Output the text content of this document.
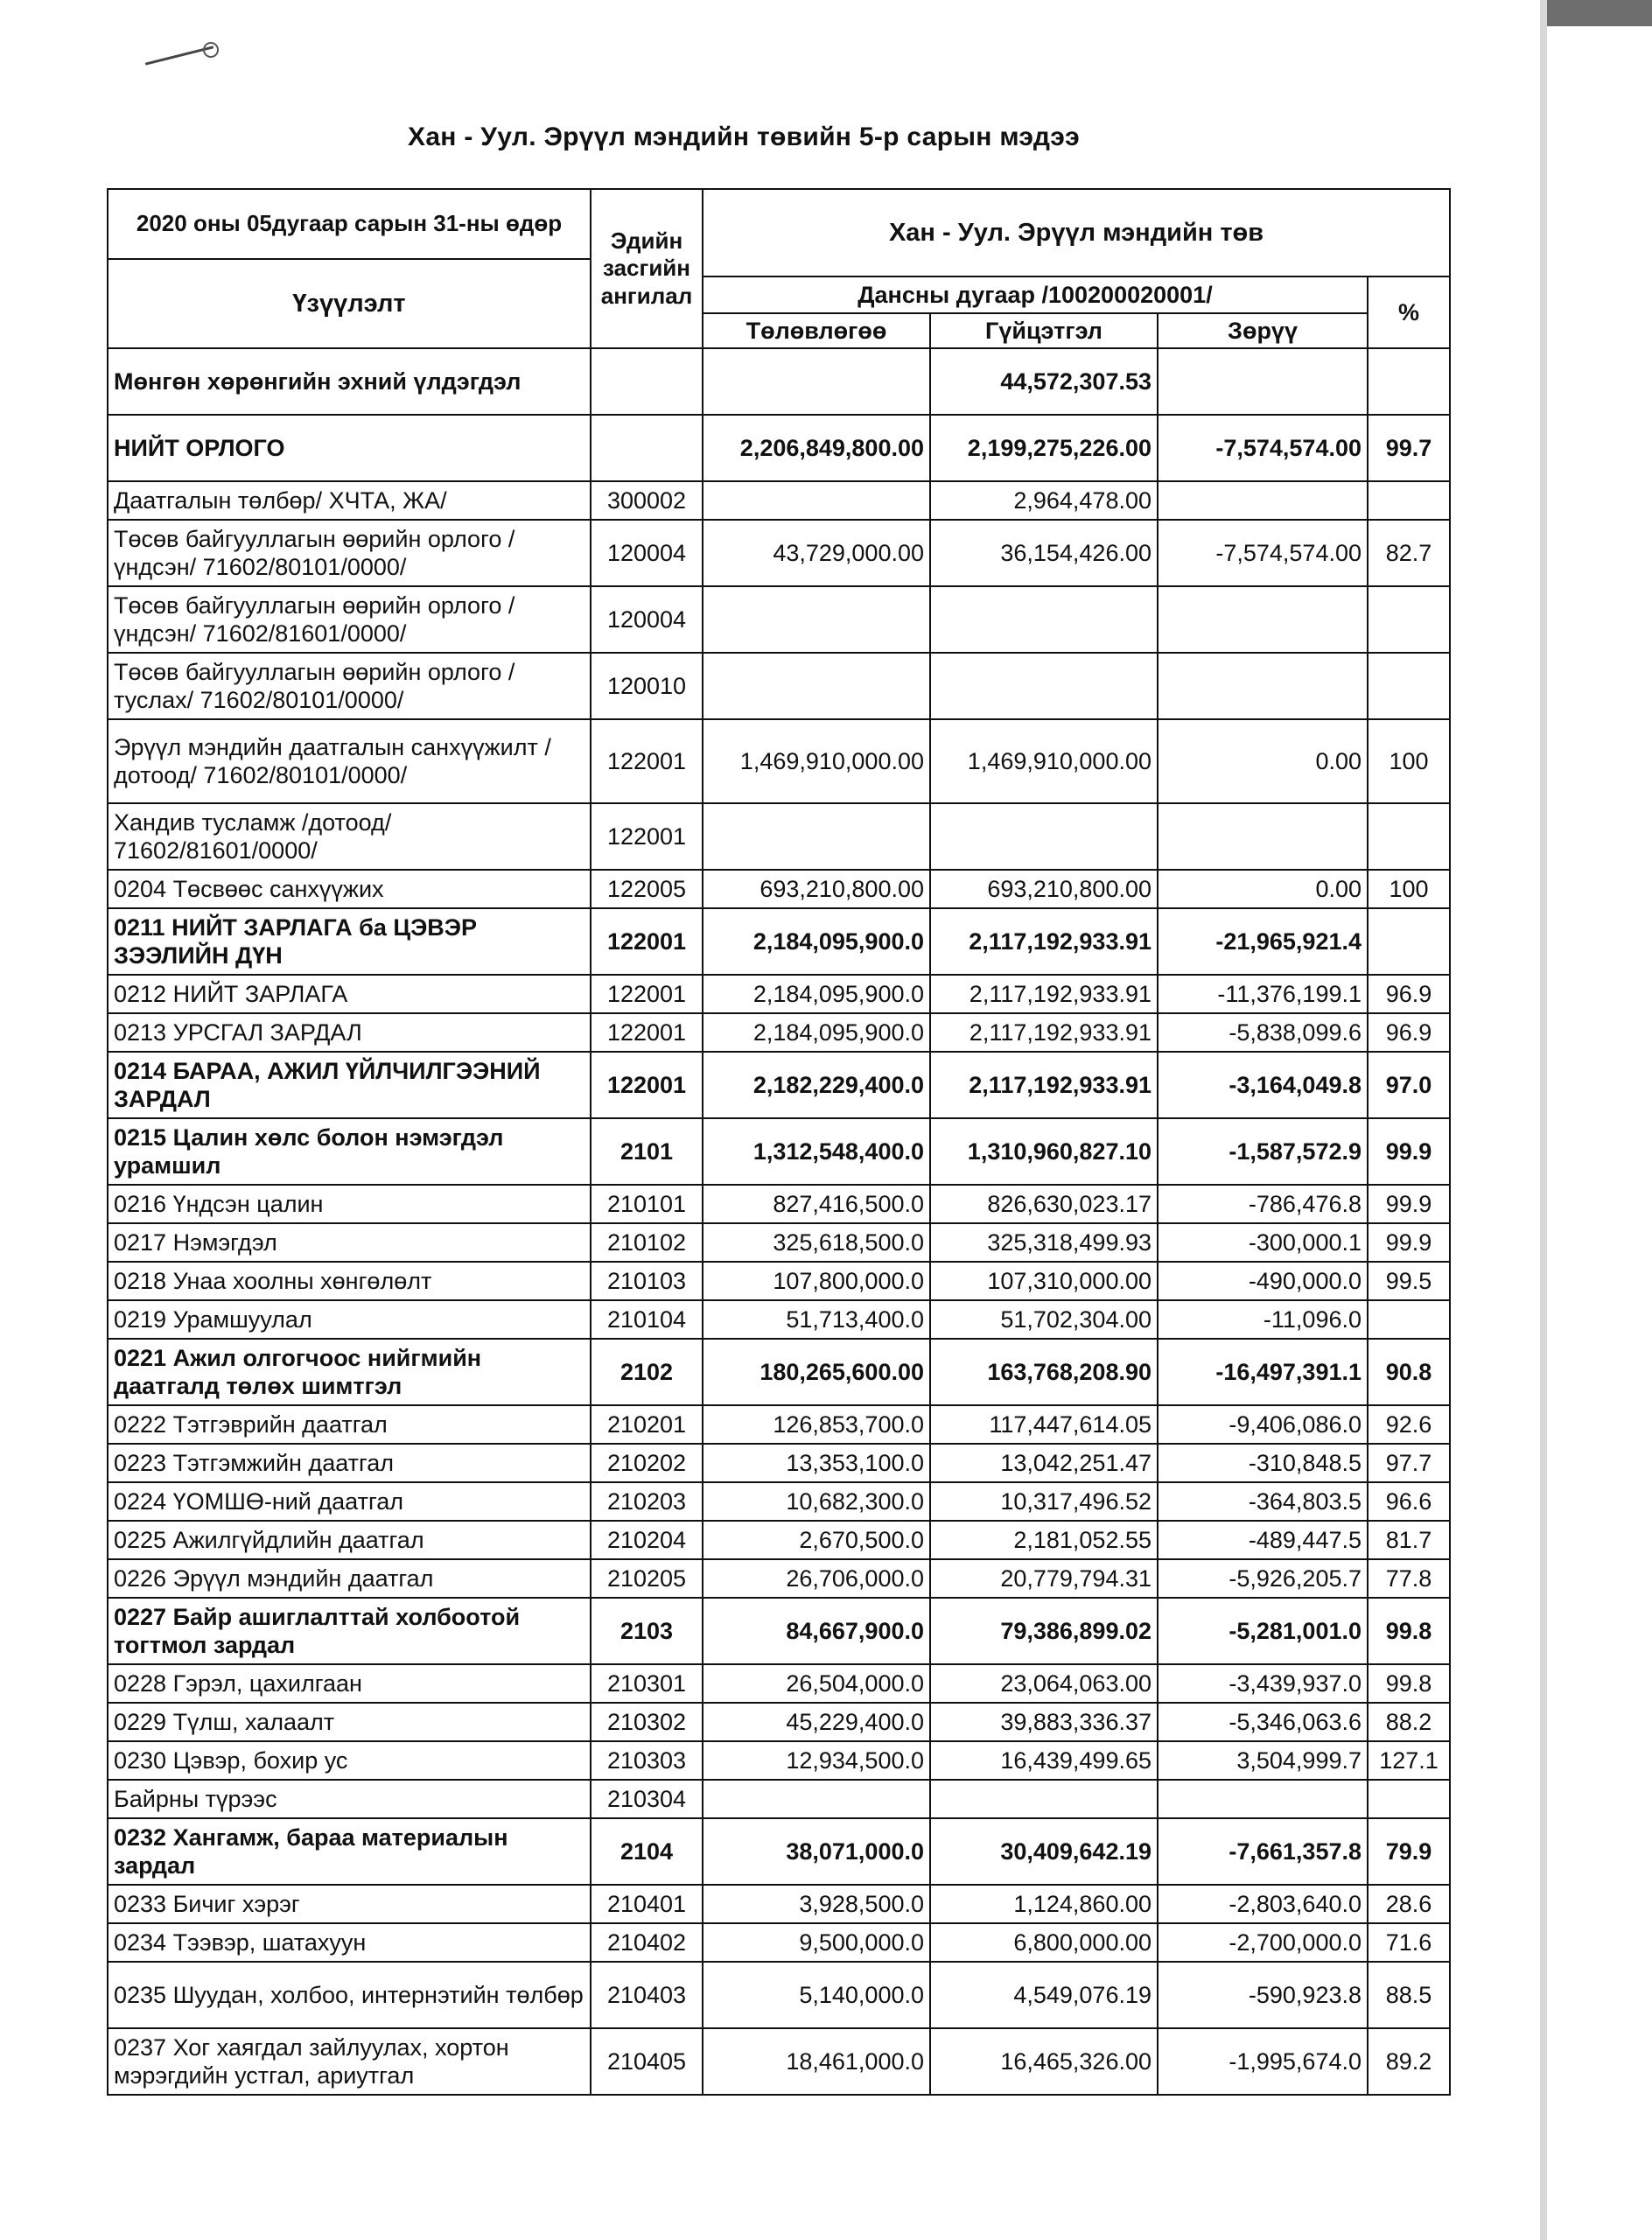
Хан - Уул. Эрүүл мэндийн төвийн 5-р сарын мэдээ
2020 оны 05дугаар сарын 31-ны өдөр	Эдийн засгийн ангилал	Хан - Уул. Эрүүл мэндийн төв			
Үзүүлэлт					
		Дансны дугаар /100200020001/			%
		Төлөвлөгөө	Гүйцэтгэл	Зөрүү	
Мөнгөн хөрөнгийн эхний үлдэгдэл			44,572,307.53		
НИЙТ ОРЛОГО		2,206,849,800.00	2,199,275,226.00	-7,574,574.00	99.7
Даатгалын төлбөр/ ХЧТА, ЖА/	300002		2,964,478.00		
Төсөв байгууллагын өөрийн орлого /үндсэн/ 71602/80101/0000/	120004	43,729,000.00	36,154,426.00	-7,574,574.00	82.7
Төсөв байгууллагын өөрийн орлого /үндсэн/ 71602/81601/0000/	120004				
Төсөв байгууллагын өөрийн орлого /туслах/ 71602/80101/0000/	120010				
Эрүүл мэндийн даатгалын санхүүжилт /дотоод/ 71602/80101/0000/	122001	1,469,910,000.00	1,469,910,000.00	0.00	100
Хандив тусламж /дотоод/ 71602/81601/0000/	122001				
0204 Төсвөөс санхүүжих	122005	693,210,800.00	693,210,800.00	0.00	100
0211 НИЙТ ЗАРЛАГА ба ЦЭВЭР ЗЭЭЛИЙН ДҮН	122001	2,184,095,900.0	2,117,192,933.91	-21,965,921.4	
0212 НИЙТ ЗАРЛАГА	122001	2,184,095,900.0	2,117,192,933.91	-11,376,199.1	96.9
0213 УРСГАЛ ЗАРДАЛ	122001	2,184,095,900.0	2,117,192,933.91	-5,838,099.6	96.9
0214 БАРАА, АЖИЛ ҮЙЛЧИЛГЭЭНИЙ ЗАРДАЛ	122001	2,182,229,400.0	2,117,192,933.91	-3,164,049.8	97.0
0215 Цалин хөлс болон нэмэгдэл урамшил	2101	1,312,548,400.0	1,310,960,827.10	-1,587,572.9	99.9
0216 Үндсэн цалин	210101	827,416,500.0	826,630,023.17	-786,476.8	99.9
0217 Нэмэгдэл	210102	325,618,500.0	325,318,499.93	-300,000.1	99.9
0218 Унаа хоолны хөнгөлөлт	210103	107,800,000.0	107,310,000.00	-490,000.0	99.5
0219 Урамшуулал	210104	51,713,400.0	51,702,304.00	-11,096.0	
0221 Ажил олгогчоос нийгмийн даатгалд төлөх шимтгэл	2102	180,265,600.00	163,768,208.90	-16,497,391.1	90.8
0222 Тэтгэврийн даатгал	210201	126,853,700.0	117,447,614.05	-9,406,086.0	92.6
0223 Тэтгэмжийн даатгал	210202	13,353,100.0	13,042,251.47	-310,848.5	97.7
0224 ҮОМШӨ-ний даатгал	210203	10,682,300.0	10,317,496.52	-364,803.5	96.6
0225 Ажилгүйдлийн даатгал	210204	2,670,500.0	2,181,052.55	-489,447.5	81.7
0226 Эрүүл мэндийн даатгал	210205	26,706,000.0	20,779,794.31	-5,926,205.7	77.8
0227 Байр ашиглалттай холбоотой тогтмол зардал	2103	84,667,900.0	79,386,899.02	-5,281,001.0	99.8
0228 Гэрэл, цахилгаан	210301	26,504,000.0	23,064,063.00	-3,439,937.0	99.8
0229 Түлш, халаалт	210302	45,229,400.0	39,883,336.37	-5,346,063.6	88.2
0230 Цэвэр, бохир ус	210303	12,934,500.0	16,439,499.65	3,504,999.7	127.1
Байрны түрээс	210304				
0232 Хангамж, бараа материалын зардал	2104	38,071,000.0	30,409,642.19	-7,661,357.8	79.9
0233 Бичиг хэрэг	210401	3,928,500.0	1,124,860.00	-2,803,640.0	28.6
0234 Тээвэр, шатахуун	210402	9,500,000.0	6,800,000.00	-2,700,000.0	71.6
0235 Шуудан, холбоо, интернэтийн төлбөр	210403	5,140,000.0	4,549,076.19	-590,923.8	88.5
0237 Хог хаягдал зайлуулах, хортон мэрэгдийн устгал, ариутгал	210405	18,461,000.0	16,465,326.00	-1,995,674.0	89.2
